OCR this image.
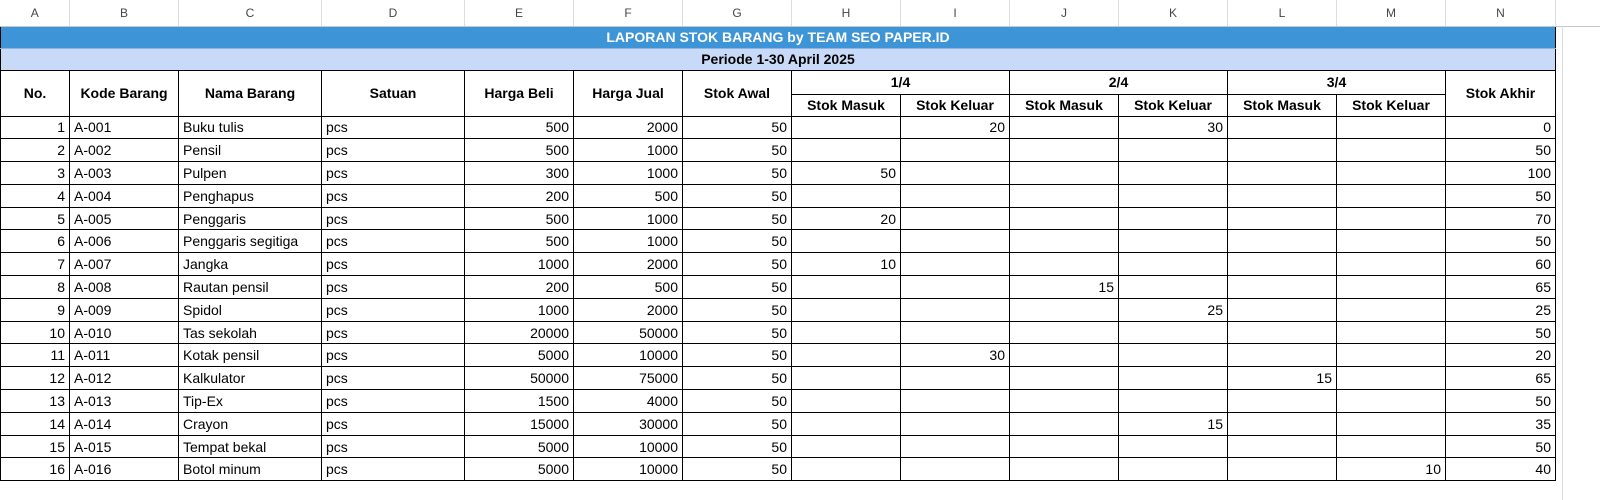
A	B	C	D	E	F	G	H	I	J	K	L	M	N	
LAPORAN STOK BARANG by TEAM SEO PAPER.ID														
Periode 1-30 April 2025														
No.	Kode Barang	Nama Barang	Satuan	Harga Beli	Harga Jual	Stok Awal	1/4		2/4		3/4		Stok Akhir	
							Stok Masuk	Stok Keluar	Stok Masuk	Stok Keluar	Stok Masuk	Stok Keluar		
1	A-001	Buku tulis	pcs	500	2000	50		20		30			0	
2	A-002	Pensil	pcs	500	1000	50							50	
3	A-003	Pulpen	pcs	300	1000	50	50						100	
4	A-004	Penghapus	pcs	200	500	50							50	
5	A-005	Penggaris	pcs	500	1000	50	20						70	
6	A-006	Penggaris segitiga	pcs	500	1000	50							50	
7	A-007	Jangka	pcs	1000	2000	50	10						60	
8	A-008	Rautan pensil	pcs	200	500	50			15				65	
9	A-009	Spidol	pcs	1000	2000	50				25			25	
10	A-010	Tas sekolah	pcs	20000	50000	50							50	
11	A-011	Kotak pensil	pcs	5000	10000	50		30					20	
12	A-012	Kalkulator	pcs	50000	75000	50					15		65	
13	A-013	Tip-Ex	pcs	1500	4000	50							50	
14	A-014	Crayon	pcs	15000	30000	50				15			35	
15	A-015	Tempat bekal	pcs	5000	10000	50							50	
16	A-016	Botol minum	pcs	5000	10000	50						10	40	
